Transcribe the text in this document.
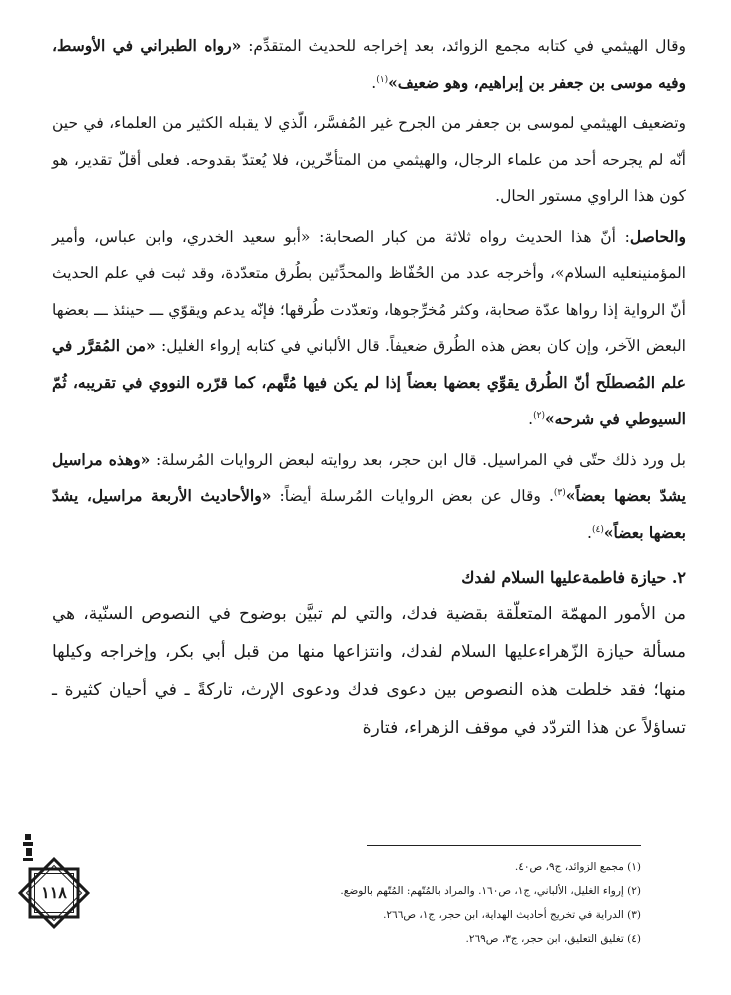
وقال الهيثمي في كتابه مجمع الزوائد، بعد إخراجه للحديث المتقدِّم: «رواه الطبراني في الأوسط، وفيه موسى بن جعفر بن إبراهيم، وهو ضعيف»$^{(١)}$.

وتضعيف الهيثمي لموسى بن جعفر من الجرح غير المُفسَّر، الّذي لا يقبله الكثير من العلماء، في حين أنّه لم يجرحه أحد من علماء الرجال، والهيثمي من المتأخّرين، فلا يُعتدّ بقدوحه. فعلى أقلّ تقدير، هو كون هذا الراوي مستور الحال.

والحاصل: أنّ هذا الحديث رواه ثلاثة من كبار الصحابة: «أبو سعيد الخدري، وابن عباس، وأمير المؤمنينعليه السلام»، وأخرجه عدد من الحُفّاظ والمحدِّثين بطُرق متعدّدة، وقد ثبت في علم الحديث أنّ الرواية إذا رواها عدّة صحابة، وكثر مُخرِّجوها، وتعدّدت طُرقها؛ فإنّه يدعم ويقوّي ـــ حينئذ ـــ بعضها البعض الآخر، وإن كان بعض هذه الطُرق ضعيفاً. قال الألباني في كتابه إرواء الغليل: «من المُقرَّر في علم المُصطلَح أنّ الطُرق يقوِّي بعضها بعضاً إذا لم يكن فيها مُتَّهم، كما قرّره النووي في تقريبه، ثُمّ السيوطي في شرحه»$^{(٢)}$.

بل ورد ذلك حتّى في المراسيل. قال ابن حجر، بعد روايته لبعض الروايات المُرسلة: «وهذه مراسيل يشدّ بعضها بعضاً»$^{(٣)}$. وقال عن بعض الروايات المُرسلة أيضاً: «والأحاديث الأربعة مراسيل، يشدّ بعضها بعضاً»$^{(٤)}$.

٢. حيازة فاطمةعليها السلام لفدك

من الأمور المهمّة المتعلّقة بقضية فدك، والتي لم تبيَّن بوضوح في النصوص السنّية، هي مسألة حيازة الزّهراءعليها السلام لفدك، وانتزاعها منها من قبل أبي بكر، وإخراجه وكيلها منها؛ فقد خلطت هذه النصوص بين دعوى فدك ودعوى الإرث، تاركةً ـ في أحيان كثيرة ـ تساؤلاً عن هذا التردّد في موقف الزهراء، فتارة

(١) مجمع الزوائد، ج٩، ص٤٠.

(٢) إرواء الغليل، الألباني، ج١، ص١٦٠. والمراد بالمُتّهم: المُتّهم بالوضع.

(٣) الدراية في تخريج أحاديث الهداية، ابن حجر، ج١، ص٢٦٦.

(٤) تغليق التعليق، ابن حجر، ج٣، ص٢٦٩.

١١٨
